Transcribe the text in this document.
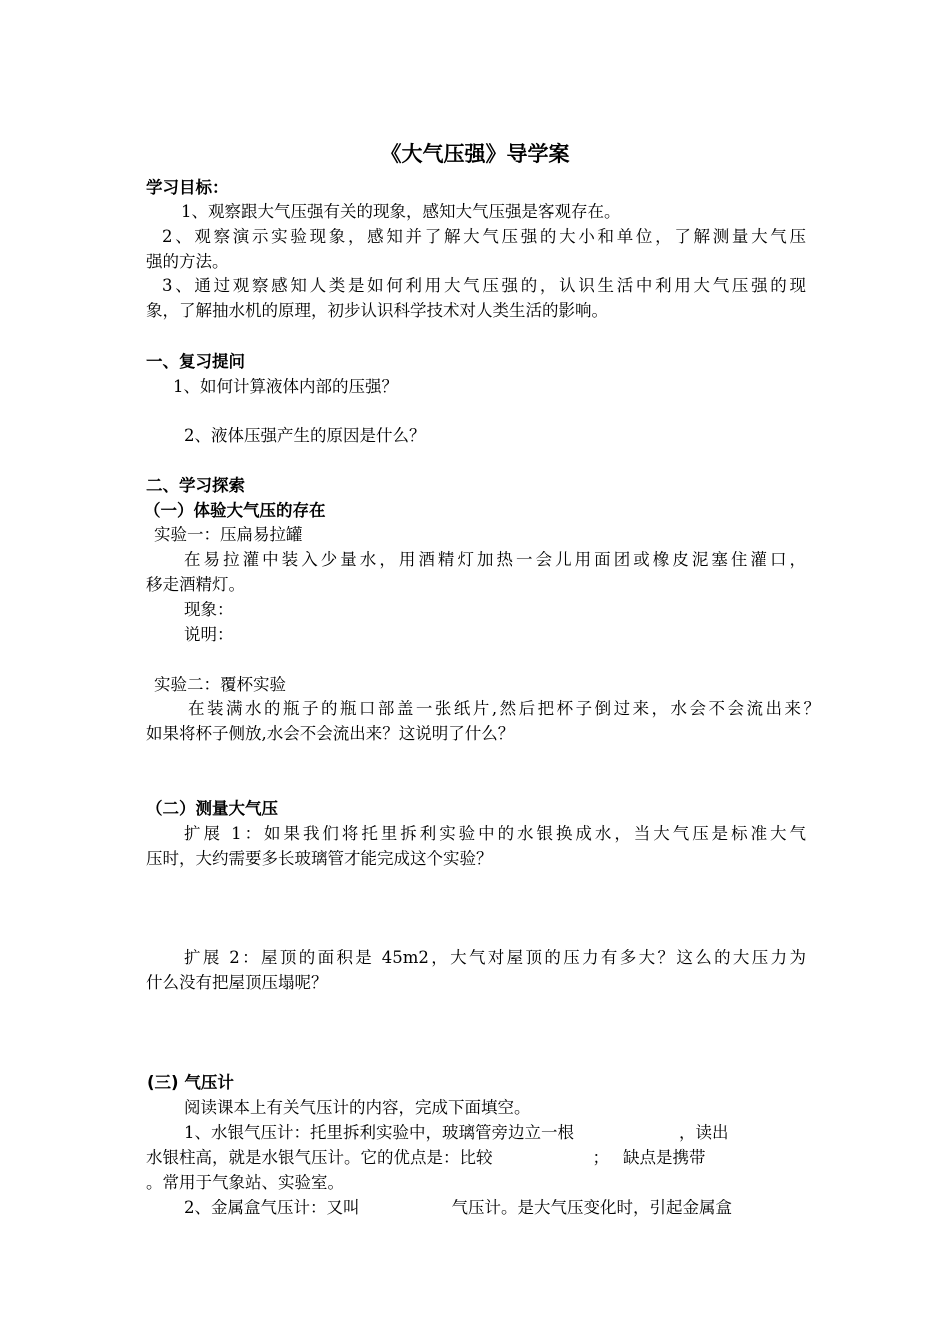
《大气压强》导学案
学习目标：
1、观察跟大气压强有关的现象，感知大气压强是客观存在。
2、观察演示实验现象，感知并了解大气压强的大小和单位，了解测量大气压
强的方法。
3、通过观察感知人类是如何利用大气压强的，认识生活中利用大气压强的现
象，了解抽水机的原理，初步认识科学技术对人类生活的影响。
一、复习提问
1、如何计算液体内部的压强？
2、液体压强产生的原因是什么？
二、学习探索
（一）体验大气压的存在
实验一：压扁易拉罐
在易拉灌中装入少量水，用酒精灯加热一会儿用面团或橡皮泥塞住灌口，
移走酒精灯。
现象：
说明：
实验二：覆杯实验
在装满水的瓶子的瓶口部盖一张纸片,然后把杯子倒过来，水会不会流出来？
如果将杯子侧放,水会不会流出来？这说明了什么？
（二）测量大气压
扩展 1：如果我们将托里拆利实验中的水银换成水，当大气压是标准大气
压时，大约需要多长玻璃管才能完成这个实验？
扩展 2：屋顶的面积是 45m2，大气对屋顶的压力有多大？这么的大压力为
什么没有把屋顶压塌呢？
(三) 气压计
阅读课本上有关气压计的内容，完成下面填空。
1、水银气压计：托里拆利实验中，玻璃管旁边立一根	，读出
水银柱高，就是水银气压计。它的优点是：比较	； 缺点是携带
。常用于气象站、实验室。
2、金属盒气压计：又叫	气压计。是大气压变化时，引起金属盒
